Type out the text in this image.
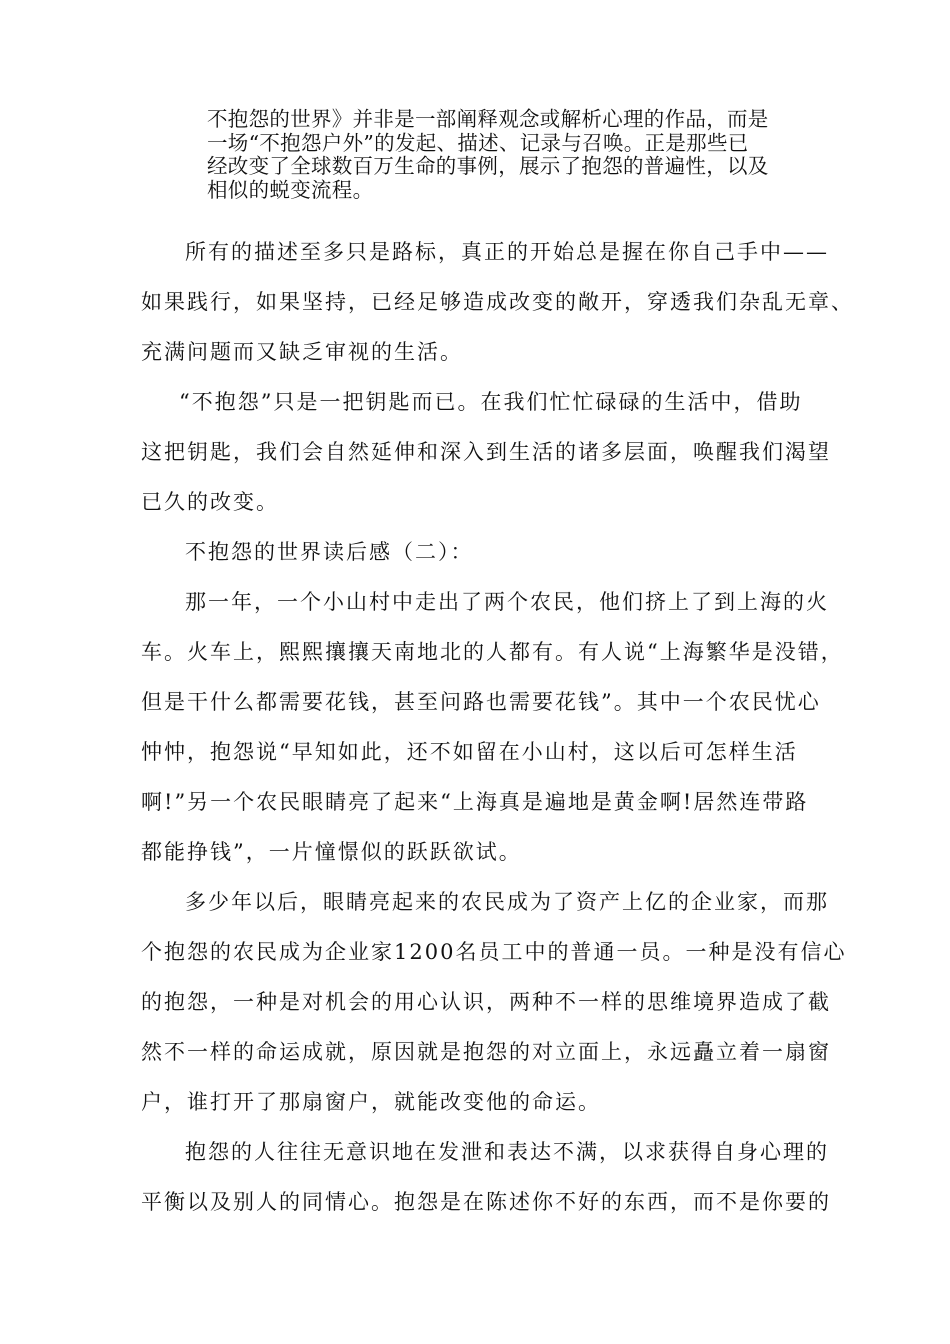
不抱怨的世界》并非是一部阐释观念或解析心理的作品，而是
一场“不抱怨户外”的发起、描述、记录与召唤。正是那些已
经改变了全球数百万生命的事例，展示了抱怨的普遍性，以及
相似的蜕变流程。
所有的描述至多只是路标，真正的开始总是握在你自己手中——
如果践行，如果坚持，已经足够造成改变的敞开，穿透我们杂乱无章、
充满问题而又缺乏审视的生活。
“不抱怨”只是一把钥匙而已。在我们忙忙碌碌的生活中，借助
这把钥匙，我们会自然延伸和深入到生活的诸多层面，唤醒我们渴望
已久的改变。
不抱怨的世界读后感（二）：
那一年，一个小山村中走出了两个农民，他们挤上了到上海的火
车。火车上，熙熙攘攘天南地北的人都有。有人说“上海繁华是没错，
但是干什么都需要花钱，甚至问路也需要花钱”。其中一个农民忧心
忡忡，抱怨说“早知如此，还不如留在小山村，这以后可怎样生活
啊!”另一个农民眼睛亮了起来“上海真是遍地是黄金啊!居然连带路
都能挣钱”，一片憧憬似的跃跃欲试。
多少年以后，眼睛亮起来的农民成为了资产上亿的企业家，而那
个抱怨的农民成为企业家1200名员工中的普通一员。一种是没有信心
的抱怨，一种是对机会的用心认识，两种不一样的思维境界造成了截
然不一样的命运成就，原因就是抱怨的对立面上，永远矗立着一扇窗
户，谁打开了那扇窗户，就能改变他的命运。
抱怨的人往往无意识地在发泄和表达不满，以求获得自身心理的
平衡以及别人的同情心。抱怨是在陈述你不好的东西，而不是你要的
